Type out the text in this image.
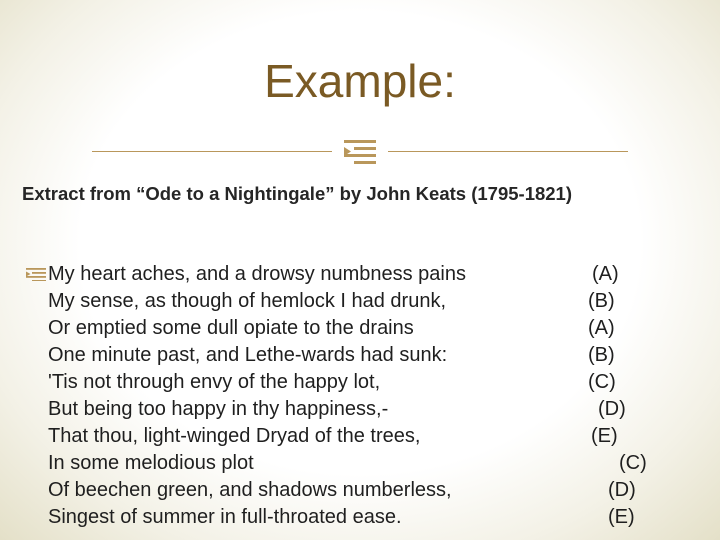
Example:
Extract from “Ode to a Nightingale” by John Keats (1795-1821)
My heart aches, and a drowsy numbness pains	(A)
My sense, as though of hemlock I had drunk,	(B)
Or emptied some dull opiate to the drains	(A)
One minute past, and Lethe-wards had sunk:	(B)
'Tis not through envy of the happy lot,	(C)
But being too happy in thy happiness,-	(D)
That thou, light-winged Dryad of the trees,	(E)
In some melodious plot	(C)
Of beechen green, and shadows numberless,	(D)
Singest of summer in full-throated ease.	(E)
